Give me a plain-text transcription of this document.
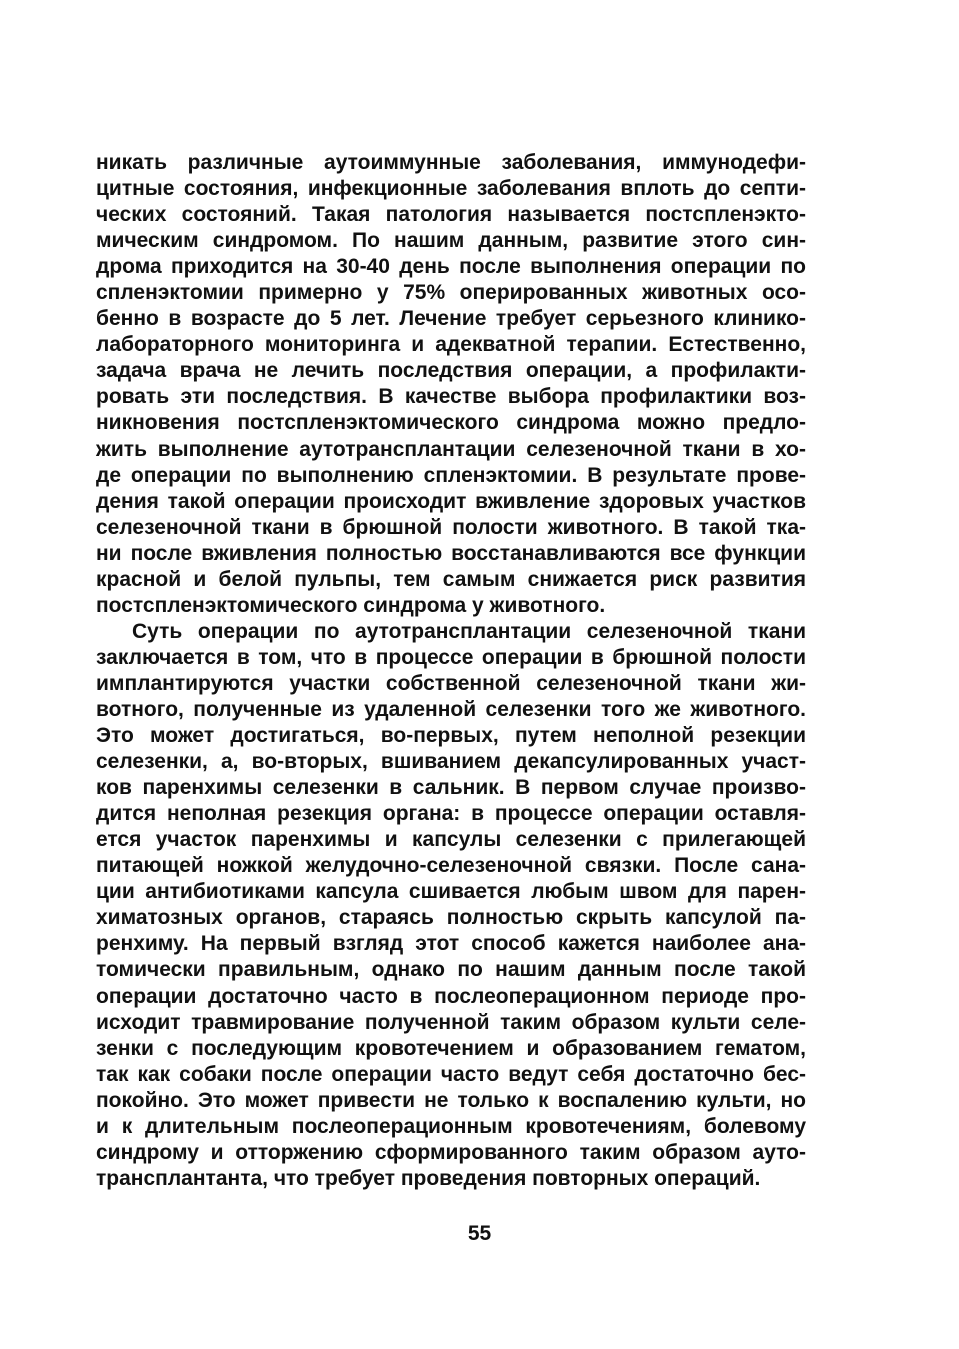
никать различные аутоиммунные заболевания, иммунодефи-
цитные состояния, инфекционные заболевания вплоть до септи-
ческих состояний. Такая патология называется постспленэкто-
мическим синдромом. По нашим данным, развитие этого син-
дрома приходится на 30-40 день после выполнения операции по
спленэктомии примерно у 75% оперированных животных осо-
бенно в возрасте до 5 лет. Лечение требует серьезного клинико-
лабораторного мониторинга и адекватной терапии. Естественно,
задача врача не лечить последствия операции, а профилакти-
ровать эти последствия. В качестве выбора профилактики воз-
никновения постспленэктомического синдрома можно предло-
жить выполнение аутотрансплантации селезеночной ткани в хо-
де операции по выполнению спленэктомии. В результате прове-
дения такой операции происходит вживление здоровых участков
селезеночной ткани в брюшной полости животного. В такой тка-
ни после вживления полностью восстанавливаются все функции
красной и белой пульпы, тем самым снижается риск развития
постспленэктомического синдрома у животного.
Суть операции по аутотрансплантации селезеночной ткани
заключается в том, что в процессе операции в брюшной полости
имплантируются участки собственной селезеночной ткани жи-
вотного, полученные из удаленной селезенки того же животного.
Это может достигаться, во-первых, путем неполной резекции
селезенки, а, во-вторых, вшиванием декапсулированных участ-
ков паренхимы селезенки в сальник. В первом случае произво-
дится неполная резекция органа: в процессе операции оставля-
ется участок паренхимы и капсулы селезенки с прилегающей
питающей ножкой желудочно-селезеночной связки. После сана-
ции антибиотиками капсула сшивается любым швом для парен-
химатозных органов, стараясь полностью скрыть капсулой па-
ренхиму. На первый взгляд этот способ кажется наиболее ана-
томически правильным, однако по нашим данным после такой
операции достаточно часто в послеоперационном периоде про-
исходит травмирование полученной таким образом культи селе-
зенки с последующим кровотечением и образованием гематом,
так как собаки после операции часто ведут себя достаточно бес-
покойно. Это может привести не только к воспалению культи, но
и к длительным послеоперационным кровотечениям, болевому
синдрому и отторжению сформированного таким образом ауто-
трансплантанта, что требует проведения повторных операций.
55
